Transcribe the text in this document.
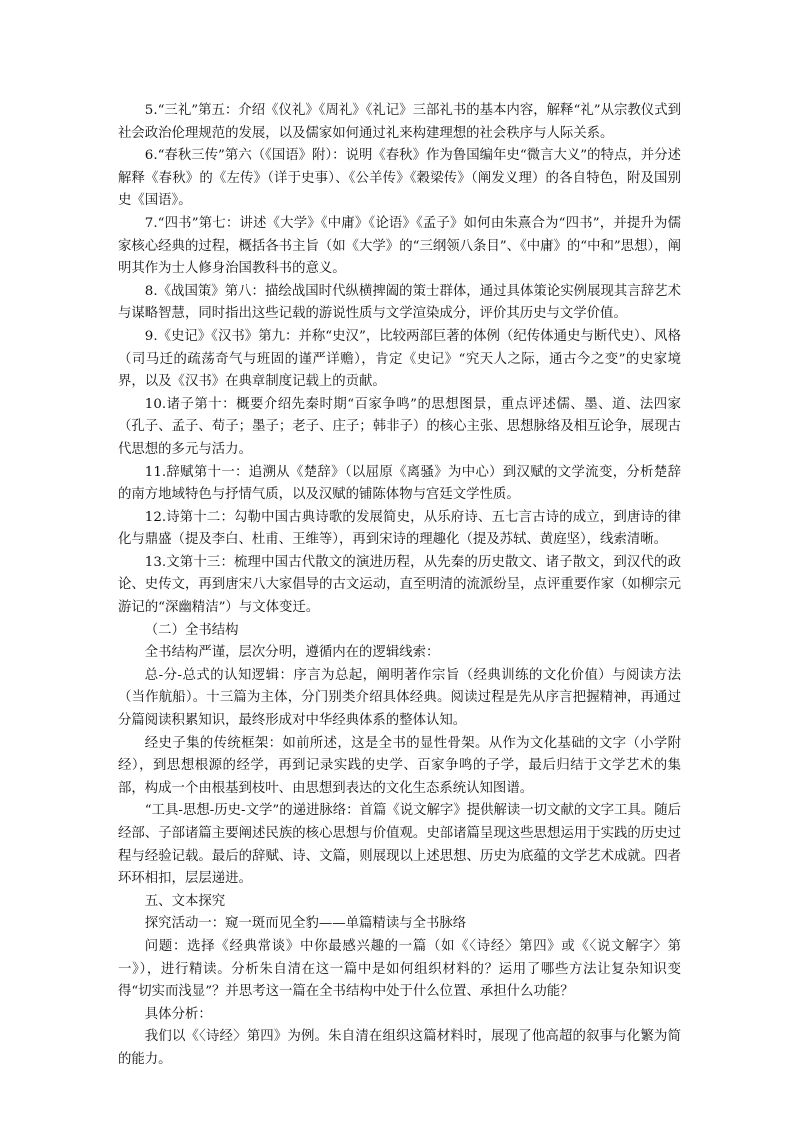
5.“三礼”第五：介绍《仪礼》《周礼》《礼记》三部礼书的基本内容，解释“礼”从宗教仪式到社会政治伦理规范的发展，以及儒家如何通过礼来构建理想的社会秩序与人际关系。

6.“春秋三传”第六（《国语》附）：说明《春秋》作为鲁国编年史“微言大义”的特点，并分述解释《春秋》的《左传》（详于史事）、《公羊传》《穀梁传》（阐发义理）的各自特色，附及国别史《国语》。

7.“四书”第七：讲述《大学》《中庸》《论语》《孟子》如何由朱熹合为“四书”，并提升为儒家核心经典的过程，概括各书主旨（如《大学》的“三纲领八条目”、《中庸》的“中和”思想），阐明其作为士人修身治国教科书的意义。

8.《战国策》第八：描绘战国时代纵横捭阖的策士群体，通过具体策论实例展现其言辞艺术与谋略智慧，同时指出这些记载的游说性质与文学渲染成分，评价其历史与文学价值。

9.《史记》《汉书》第九：并称“史汉”，比较两部巨著的体例（纪传体通史与断代史）、风格（司马迁的疏荡奇气与班固的谨严详赡），肯定《史记》“究天人之际，通古今之变”的史家境界，以及《汉书》在典章制度记载上的贡献。

10.诸子第十：概要介绍先秦时期“百家争鸣”的思想图景，重点评述儒、墨、道、法四家（孔子、孟子、荀子；墨子；老子、庄子；韩非子）的核心主张、思想脉络及相互论争，展现古代思想的多元与活力。

11.辞赋第十一：追溯从《楚辞》（以屈原《离骚》为中心）到汉赋的文学流变，分析楚辞的南方地域特色与抒情气质，以及汉赋的铺陈体物与宫廷文学性质。

12.诗第十二：勾勒中国古典诗歌的发展简史，从乐府诗、五七言古诗的成立，到唐诗的律化与鼎盛（提及李白、杜甫、王维等），再到宋诗的理趣化（提及苏轼、黄庭坚），线索清晰。

13.文第十三：梳理中国古代散文的演进历程，从先秦的历史散文、诸子散文，到汉代的政论、史传文，再到唐宋八大家倡导的古文运动，直至明清的流派纷呈，点评重要作家（如柳宗元游记的“深幽精洁”）与文体变迁。

（二）全书结构

全书结构严谨，层次分明，遵循内在的逻辑线索：

总-分-总式的认知逻辑：序言为总起，阐明著作宗旨（经典训练的文化价值）与阅读方法（当作航船）。十三篇为主体，分门别类介绍具体经典。阅读过程是先从序言把握精神，再通过分篇阅读积累知识，最终形成对中华经典体系的整体认知。

经史子集的传统框架：如前所述，这是全书的显性骨架。从作为文化基础的文字（小学附经），到思想根源的经学，再到记录实践的史学、百家争鸣的子学，最后归结于文学艺术的集部，构成一个由根基到枝叶、由思想到表达的文化生态系统认知图谱。

“工具-思想-历史-文学”的递进脉络：首篇《说文解字》提供解读一切文献的文字工具。随后经部、子部诸篇主要阐述民族的核心思想与价值观。史部诸篇呈现这些思想运用于实践的历史过程与经验记载。最后的辞赋、诗、文篇，则展现以上述思想、历史为底蕴的文学艺术成就。四者环环相扣，层层递进。

五、文本探究

探究活动一：窥一斑而见全豹——单篇精读与全书脉络

问题：选择《经典常谈》中你最感兴趣的一篇（如《〈诗经〉第四》或《〈说文解字〉第一》），进行精读。分析朱自清在这一篇中是如何组织材料的？运用了哪些方法让复杂知识变得“切实而浅显”？并思考这一篇在全书结构中处于什么位置、承担什么功能？

具体分析：

我们以《〈诗经〉第四》为例。朱自清在组织这篇材料时，展现了他高超的叙事与化繁为简的能力。
